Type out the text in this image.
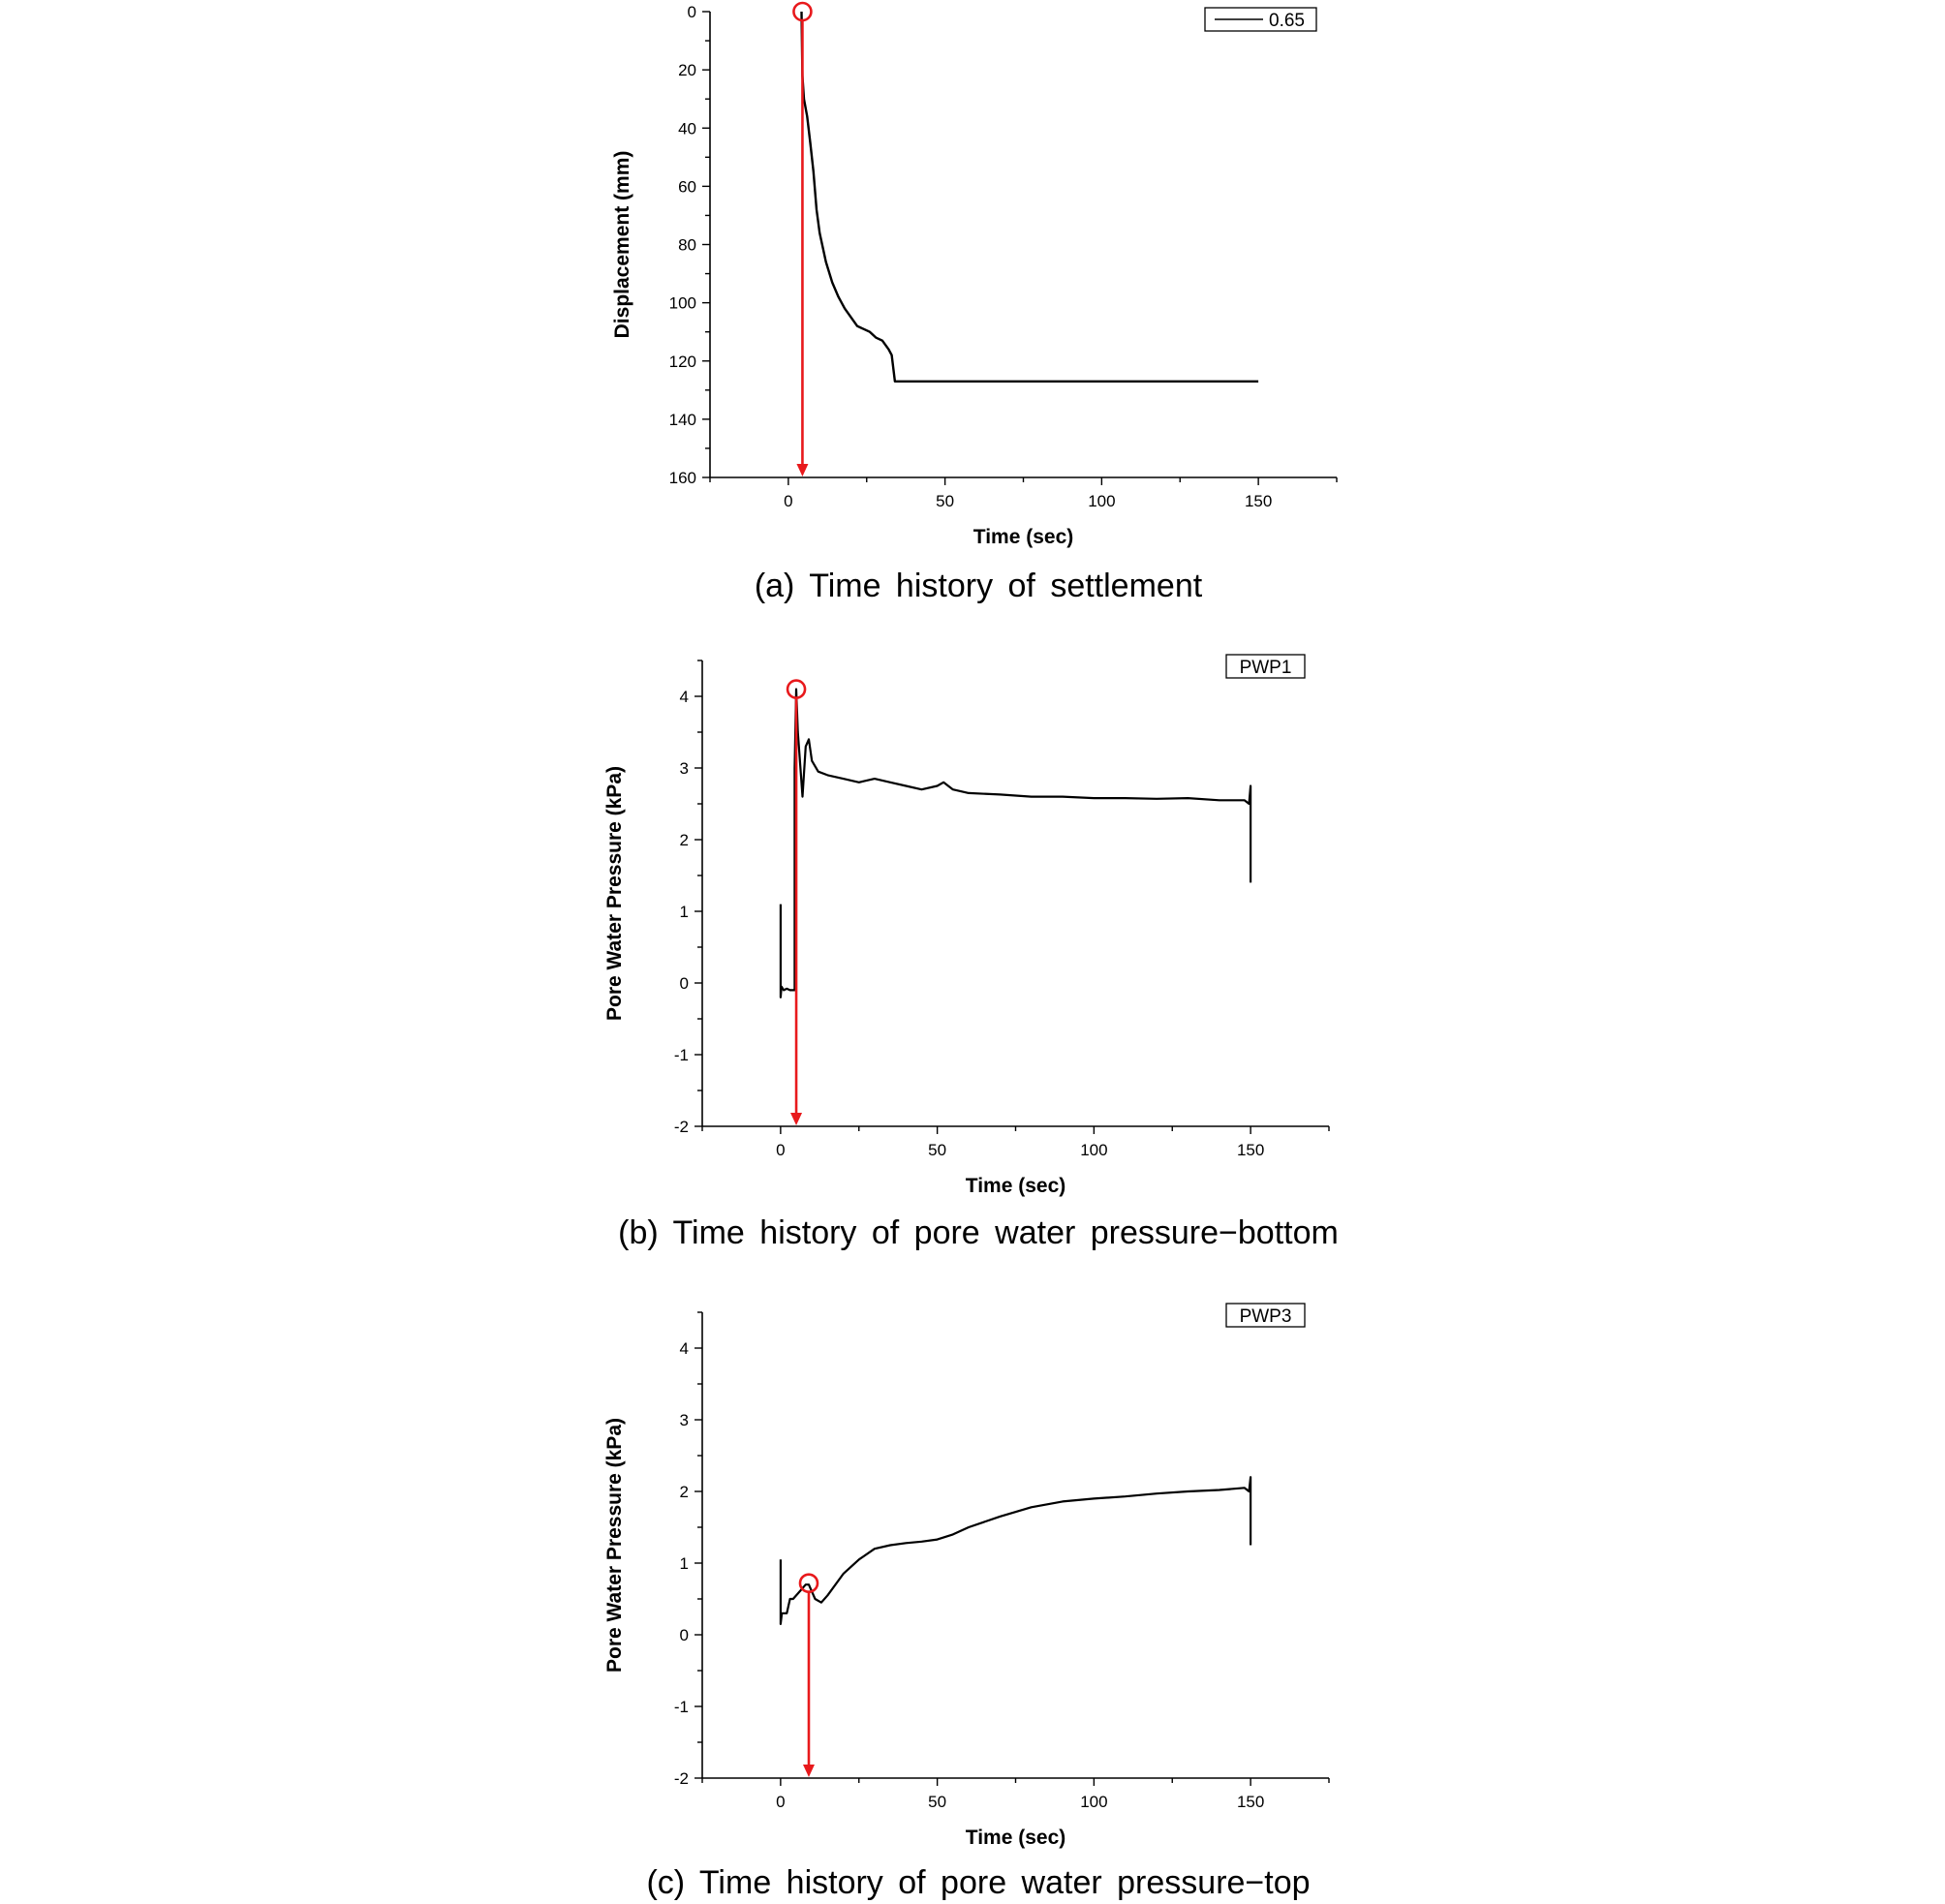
0	50	100	150
0
20
40
60
80
100
120
140
160
Time (sec)
Displacement (mm)
0.65
(a) Time history of settlement
0	50	100	150
-2
-1
0
1
2
3
4
Time (sec)
Pore Water Pressure (kPa)
PWP1
(b) Time history of pore water pressure−bottom
0	50	100	150
-2
-1
0
1
2
3
4
Time (sec)
Pore Water Pressure (kPa)
PWP3
(c) Time history of pore water pressure−top
